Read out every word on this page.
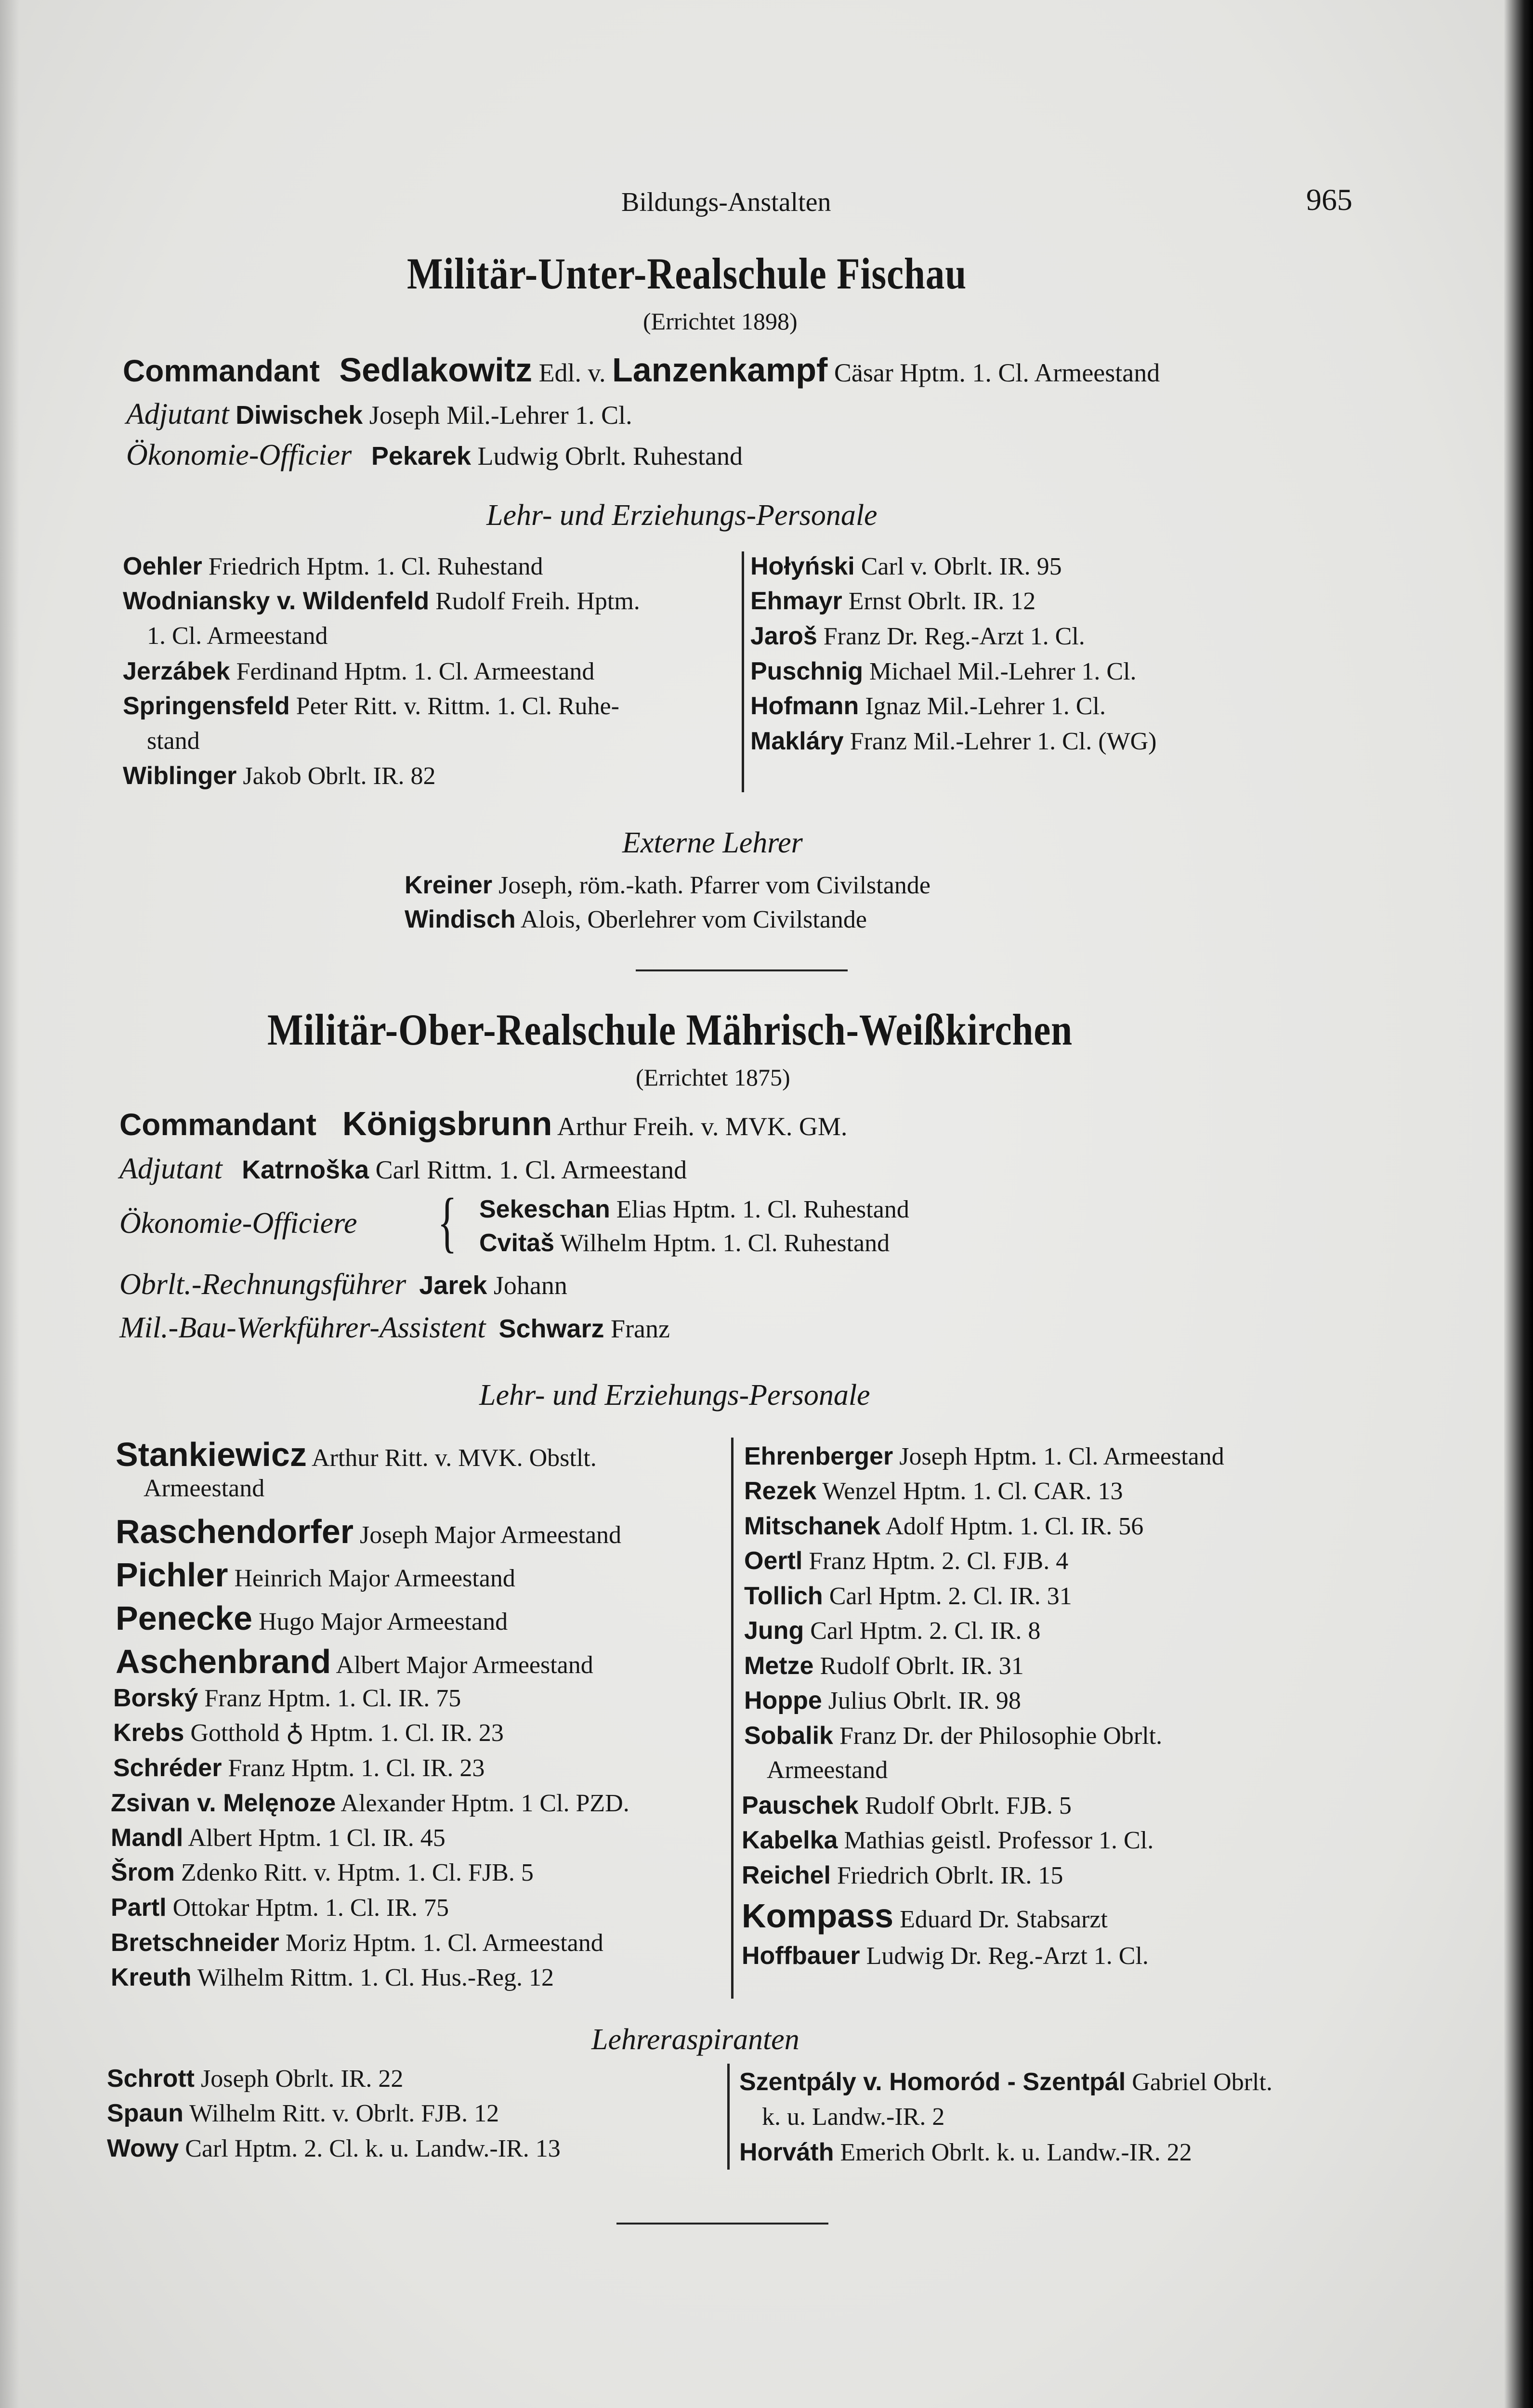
Bildungs-Anstalten	965
Militär-Unter-Realschule Fischau
(Errichtet 1898)
Commandant Sedlakowitz Edl. v. Lanzenkampf Cäsar Hptm. 1. Cl. Armeestand
Adjutant Diwischek Joseph Mil.-Lehrer 1. Cl.
Ökonomie-Officier Pekarek Ludwig Obrlt. Ruhestand
Lehr- und Erziehungs-Personale
Oehler Friedrich Hptm. 1. Cl. Ruhestand
Wodniansky v. Wildenfeld Rudolf Freih. Hptm.
1. Cl. Armeestand
Jerzábek Ferdinand Hptm. 1. Cl. Armeestand
Springensfeld Peter Ritt. v. Rittm. 1. Cl. Ruhe-
stand
Wiblinger Jakob Obrlt. IR. 82
Hołyński Carl v. Obrlt. IR. 95
Ehmayr Ernst Obrlt. IR. 12
Jaroš Franz Dr. Reg.-Arzt 1. Cl.
Puschnig Michael Mil.-Lehrer 1. Cl.
Hofmann Ignaz Mil.-Lehrer 1. Cl.
Makláry Franz Mil.-Lehrer 1. Cl. (WG)
Externe Lehrer
Kreiner Joseph, röm.-kath. Pfarrer vom Civilstande
Windisch Alois, Oberlehrer vom Civilstande
Militär-Ober-Realschule Mährisch-Weißkirchen
(Errichtet 1875)
Commandant Königsbrunn Arthur Freih. v. MVK. GM.
Adjutant Katrnoška Carl Rittm. 1. Cl. Armeestand
Ökonomie-Officiere { Sekeschan Elias Hptm. 1. Cl. Ruhestand
Cvitaš Wilhelm Hptm. 1. Cl. Ruhestand
Obrlt.-Rechnungsführer Jarek Johann
Mil.-Bau-Werkführer-Assistent Schwarz Franz
Lehr- und Erziehungs-Personale
Stankiewicz Arthur Ritt. v. MVK. Obstlt.
Armeestand
Raschendorfer Joseph Major Armeestand
Pichler Heinrich Major Armeestand
Penecke Hugo Major Armeestand
Aschenbrand Albert Major Armeestand
Borský Franz Hptm. 1. Cl. IR. 75
Krebs Gotthold ♁ Hptm. 1. Cl. IR. 23
Schréder Franz Hptm. 1. Cl. IR. 23
Zsivan v. Melęnoze Alexander Hptm. 1 Cl. PZD.
Mandl Albert Hptm. 1 Cl. IR. 45
Šrom Zdenko Ritt. v. Hptm. 1. Cl. FJB. 5
Partl Ottokar Hptm. 1. Cl. IR. 75
Bretschneider Moriz Hptm. 1. Cl. Armeestand
Kreuth Wilhelm Rittm. 1. Cl. Hus.-Reg. 12
Ehrenberger Joseph Hptm. 1. Cl. Armeestand
Rezek Wenzel Hptm. 1. Cl. CAR. 13
Mitschanek Adolf Hptm. 1. Cl. IR. 56
Oertl Franz Hptm. 2. Cl. FJB. 4
Tollich Carl Hptm. 2. Cl. IR. 31
Jung Carl Hptm. 2. Cl. IR. 8
Metze Rudolf Obrlt. IR. 31
Hoppe Julius Obrlt. IR. 98
Sobalik Franz Dr. der Philosophie Obrlt.
Armeestand
Pauschek Rudolf Obrlt. FJB. 5
Kabelka Mathias geistl. Professor 1. Cl.
Reichel Friedrich Obrlt. IR. 15
Kompass Eduard Dr. Stabsarzt
Hoffbauer Ludwig Dr. Reg.-Arzt 1. Cl.
Lehreraspiranten
Schrott Joseph Obrlt. IR. 22
Spaun Wilhelm Ritt. v. Obrlt. FJB. 12
Wowy Carl Hptm. 2. Cl. k. u. Landw.-IR. 13
Szentpály v. Homoród - Szentpál Gabriel Obrlt.
k. u. Landw.-IR. 2
Horváth Emerich Obrlt. k. u. Landw.-IR. 22
